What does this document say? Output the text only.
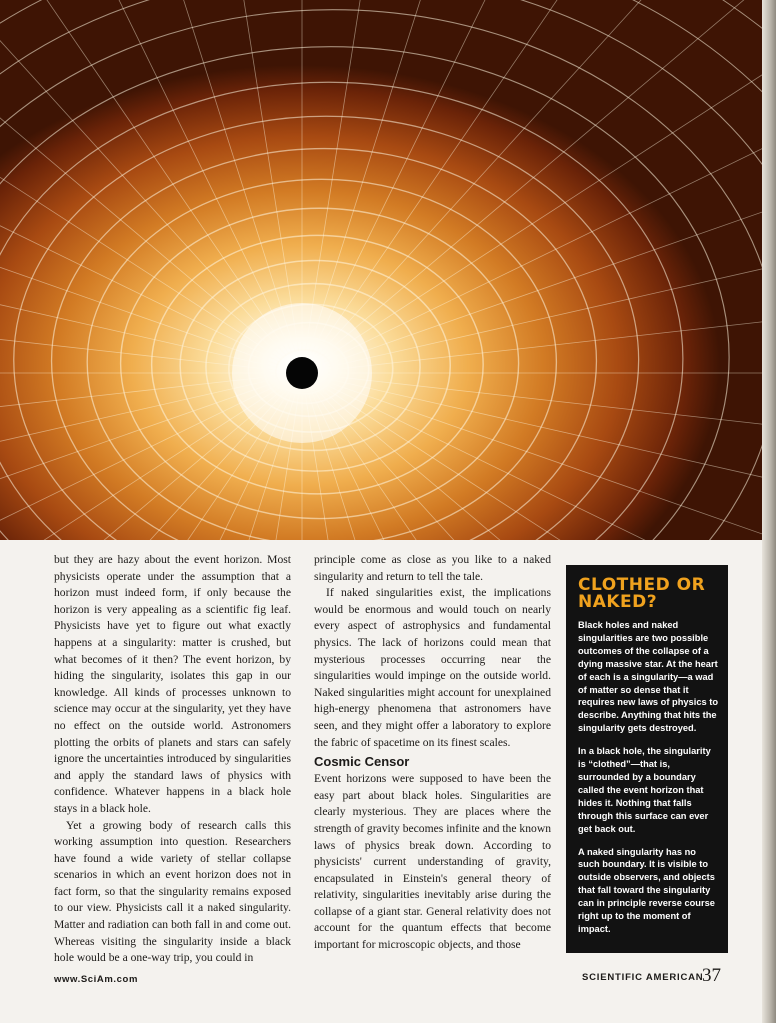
but they are hazy about the event horizon. Most physicists operate under the assumption that a horizon must indeed form, if only because the horizon is very appealing as a scientific fig leaf. Physicists have yet to figure out what exactly happens at a singularity: matter is crushed, but what becomes of it then? The event horizon, by hiding the singularity, isolates this gap in our knowledge. All kinds of processes unknown to science may occur at the singularity, yet they have no effect on the outside world. Astronomers plotting the orbits of planets and stars can safely ignore the uncertainties introduced by singularities and apply the standard laws of physics with confidence. Whatever happens in a black hole stays in a black hole.

Yet a growing body of research calls this working assumption into question. Researchers have found a wide variety of stellar collapse scenarios in which an event horizon does not in fact form, so that the singularity remains exposed to our view. Physicists call it a naked singularity. Matter and radiation can both fall in and come out. Whereas visiting the singularity inside a black hole would be a one-way trip, you could in

principle come as close as you like to a naked singularity and return to tell the tale.

If naked singularities exist, the implications would be enormous and would touch on nearly every aspect of astrophysics and fundamental physics. The lack of horizons could mean that mysterious processes occurring near the singularities would impinge on the outside world. Naked singularities might account for unexplained high-energy phenomena that astronomers have seen, and they might offer a laboratory to explore the fabric of spacetime on its finest scales.

Cosmic Censor

Event horizons were supposed to have been the easy part about black holes. Singularities are clearly mysterious. They are places where the strength of gravity becomes infinite and the known laws of physics break down. According to physicists' current understanding of gravity, encapsulated in Einstein's general theory of relativity, singularities inevitably arise during the collapse of a giant star. General relativity does not account for the quantum effects that become important for microscopic objects, and those

CLOTHED OR
NAKED?

Black holes and naked singularities are two possible outcomes of the collapse of a dying massive star. At the heart of each is a singularity—a wad of matter so dense that it requires new laws of physics to describe. Anything that hits the singularity gets destroyed.

In a black hole, the singularity is “clothed”—that is, surrounded by a boundary called the event horizon that hides it. Nothing that falls through this surface can ever get back out.

A naked singularity has no such boundary. It is visible to outside observers, and objects that fall toward the singularity can in principle reverse course right up to the moment of impact.

www.SciAm.com	SCIENTIFIC AMERICAN
37
